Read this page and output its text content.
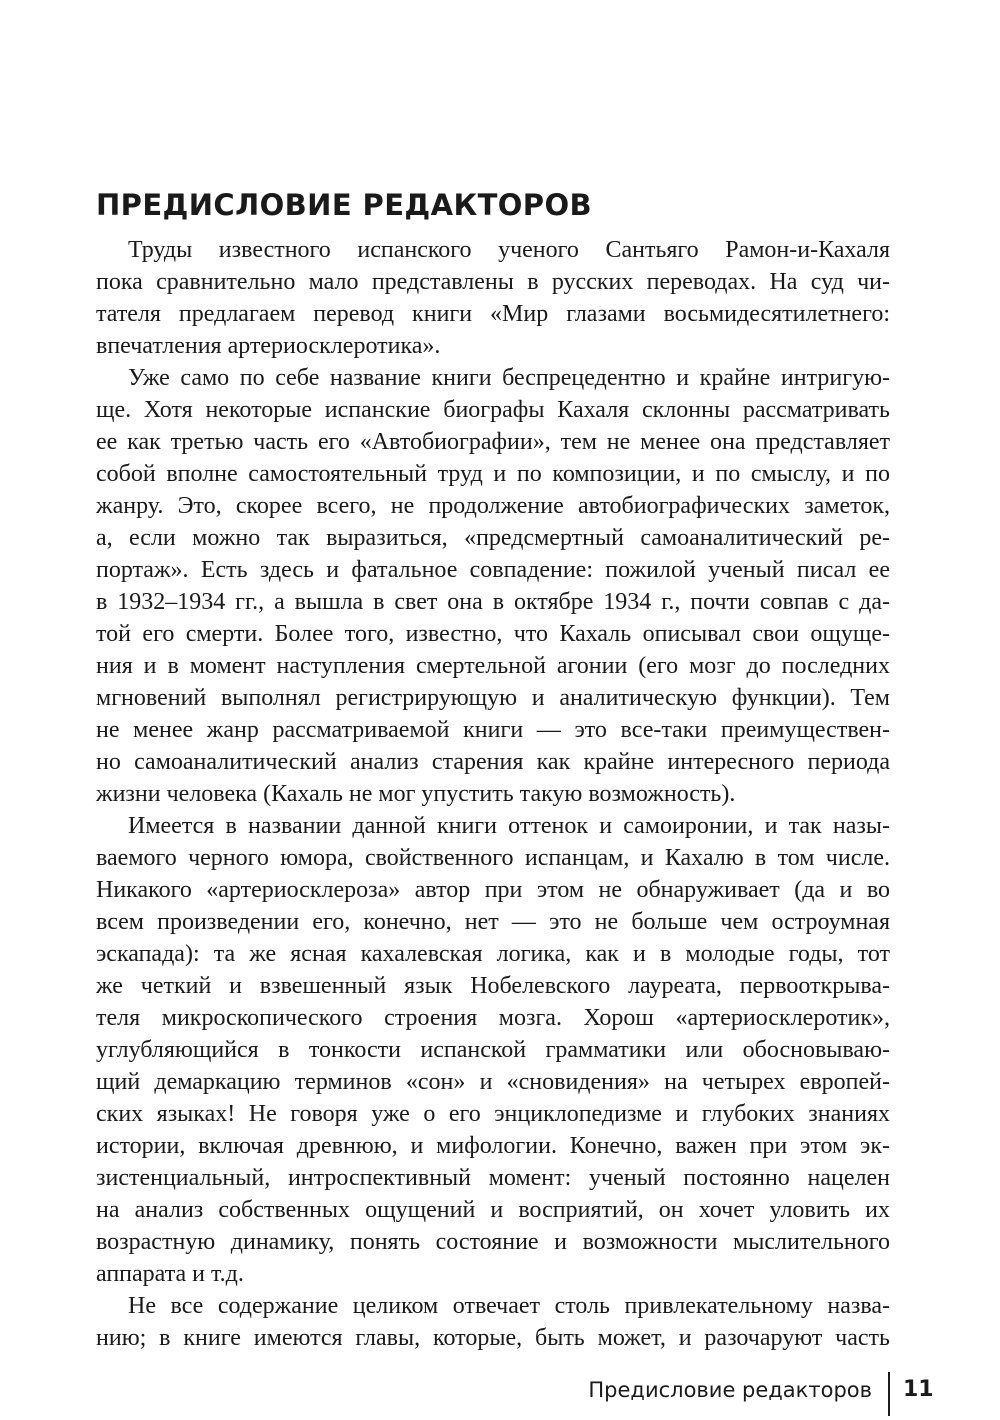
ПРЕДИСЛОВИЕ РЕДАКТОРОВ
Труды известного испанского ученого Сантьяго Рамон-и-Кахаля
пока сравнительно мало представлены в русских переводах. На суд чи-
тателя предлагаем перевод книги «Мир глазами восьмидесятилетнего:
впечатления артериосклеротика».
Уже само по себе название книги беспрецедентно и крайне интригую-
ще. Хотя некоторые испанские биографы Кахаля склонны рассматривать
ее как третью часть его «Автобиографии», тем не менее она представляет
собой вполне самостоятельный труд и по композиции, и по смыслу, и по
жанру. Это, скорее всего, не продолжение автобиографических заметок,
а, если можно так выразиться, «предсмертный самоаналитический ре-
портаж». Есть здесь и фатальное совпадение: пожилой ученый писал ее
в 1932–1934 гг., а вышла в свет она в октябре 1934 г., почти совпав с да-
той его смерти. Более того, известно, что Кахаль описывал свои ощуще-
ния и в момент наступления смертельной агонии (его мозг до последних
мгновений выполнял регистрирующую и аналитическую функции). Тем
не менее жанр рассматриваемой книги — это все-таки преимуществен-
но самоаналитический анализ старения как крайне интересного периода
жизни человека (Кахаль не мог упустить такую возможность).
Имеется в названии данной книги оттенок и самоиронии, и так назы-
ваемого черного юмора, свойственного испанцам, и Кахалю в том числе.
Никакого «артериосклероза» автор при этом не обнаруживает (да и во
всем произведении его, конечно, нет — это не больше чем остроумная
эскапада): та же ясная кахалевская логика, как и в молодые годы, тот
же четкий и взвешенный язык Нобелевского лауреата, первооткрыва-
теля микроскопического строения мозга. Хорош «артериосклеротик»,
углубляющийся в тонкости испанской грамматики или обосновываю-
щий демаркацию терминов «сон» и «сновидения» на четырех европей-
ских языках! Не говоря уже о его энциклопедизме и глубоких знаниях
истории, включая древнюю, и мифологии. Конечно, важен при этом эк-
зистенциальный, интроспективный момент: ученый постоянно нацелен
на анализ собственных ощущений и восприятий, он хочет уловить их
возрастную динамику, понять состояние и возможности мыслительного
аппарата и т.д.
Не все содержание целиком отвечает столь привлекательному назва-
нию; в книге имеются главы, которые, быть может, и разочаруют часть
Предисловие редакторов 11
